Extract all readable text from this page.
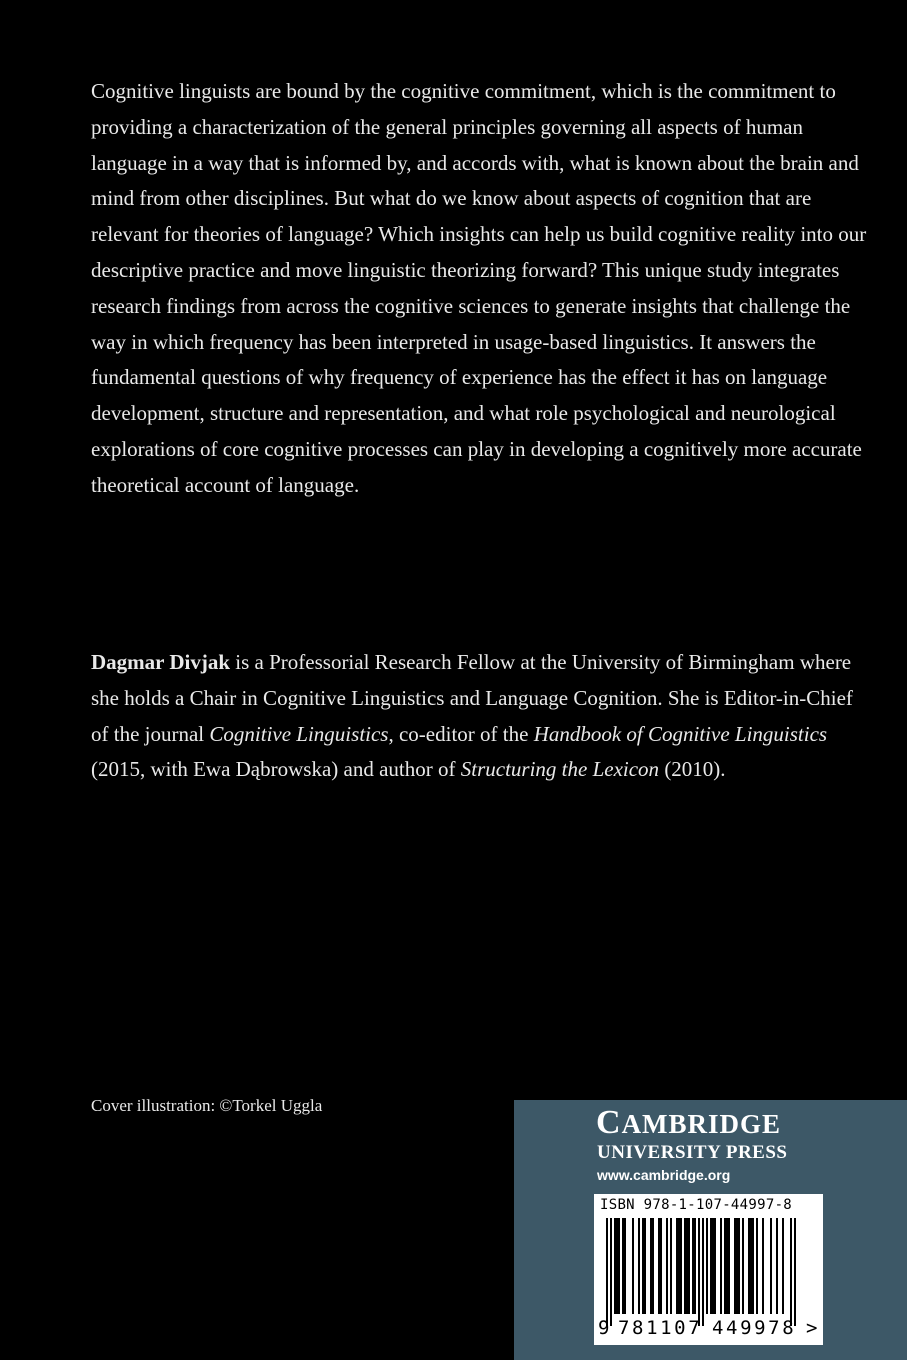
Cognitive linguists are bound by the cognitive commitment, which is the commitment to providing a characterization of the general principles governing all aspects of human language in a way that is informed by, and accords with, what is known about the brain and mind from other disciplines. But what do we know about aspects of cognition that are relevant for theories of language? Which insights can help us build cognitive reality into our descriptive practice and move linguistic theorizing forward? This unique study integrates research findings from across the cognitive sciences to generate insights that challenge the way in which frequency has been interpreted in usage-based linguistics. It answers the fundamental questions of why frequency of experience has the effect it has on language development, structure and representation, and what role psychological and neurological explorations of core cognitive processes can play in developing a cognitively more accurate theoretical account of language.

Dagmar Divjak is a Professorial Research Fellow at the University of Birmingham where she holds a Chair in Cognitive Linguistics and Language Cognition. She is Editor-in-Chief of the journal Cognitive Linguistics, co-editor of the Handbook of Cognitive Linguistics (2015, with Ewa Dąbrowska) and author of Structuring the Lexicon (2010).

Cover illustration: ©Torkel Uggla	CAMBRIDGE
UNIVERSITY PRESS
www.cambridge.org
ISBN 978-1-107-44997-8
9 781107 449978 >
